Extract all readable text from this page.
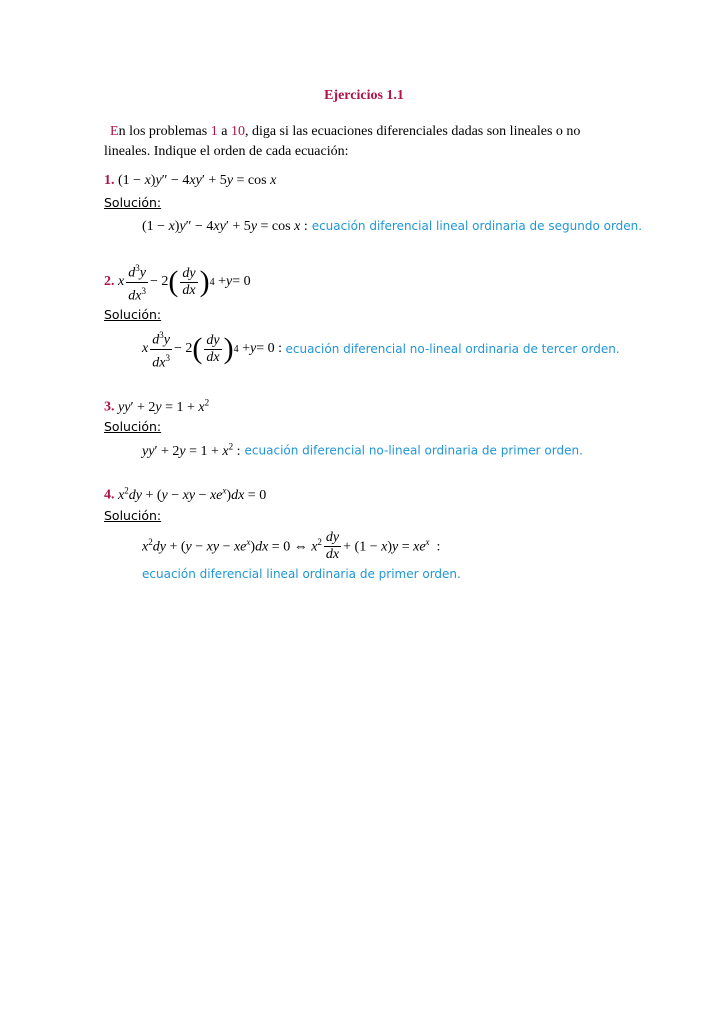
Ejercicios 1.1
En los problemas 1 a 10, diga si las ecuaciones diferenciales dadas son lineales o no
lineales. Indique el orden de cada ecuación:
1. (1 − x)y″ − 4xy′ + 5y = cos x
Solución:
(1 − x)y″ − 4xy′ + 5y = cos x : ecuación diferencial lineal ordinaria de segundo orden.
2 .
x $\frac{d^3y}{dx^3} - 2$ ( $\frac{dy}{dx}$ ) 4 + y = 0
Solución:
x $\frac{d^3y}{dx^3} - 2$ ( $\frac{dy}{dx}$ ) 4 + y = 0 : ecuación diferencial no-lineal ordinaria de tercer orden.
3. $yy' + 2y = 1 + x^2$
Solución:
$yy' + 2y = 1 + x^2$ : ecuación diferencial no-lineal ordinaria de primer orden.
4. $x^2dy + (y$ − xy − $xe^x)dx = 0$
Solución:
$x^2dy + (y$ − xy − $xe^x)dx = 0$ ⇔ $x^2 \frac{dy}{dx} + (1 - x)y = xe^x$  :
ecuación diferencial lineal ordinaria de primer orden.
